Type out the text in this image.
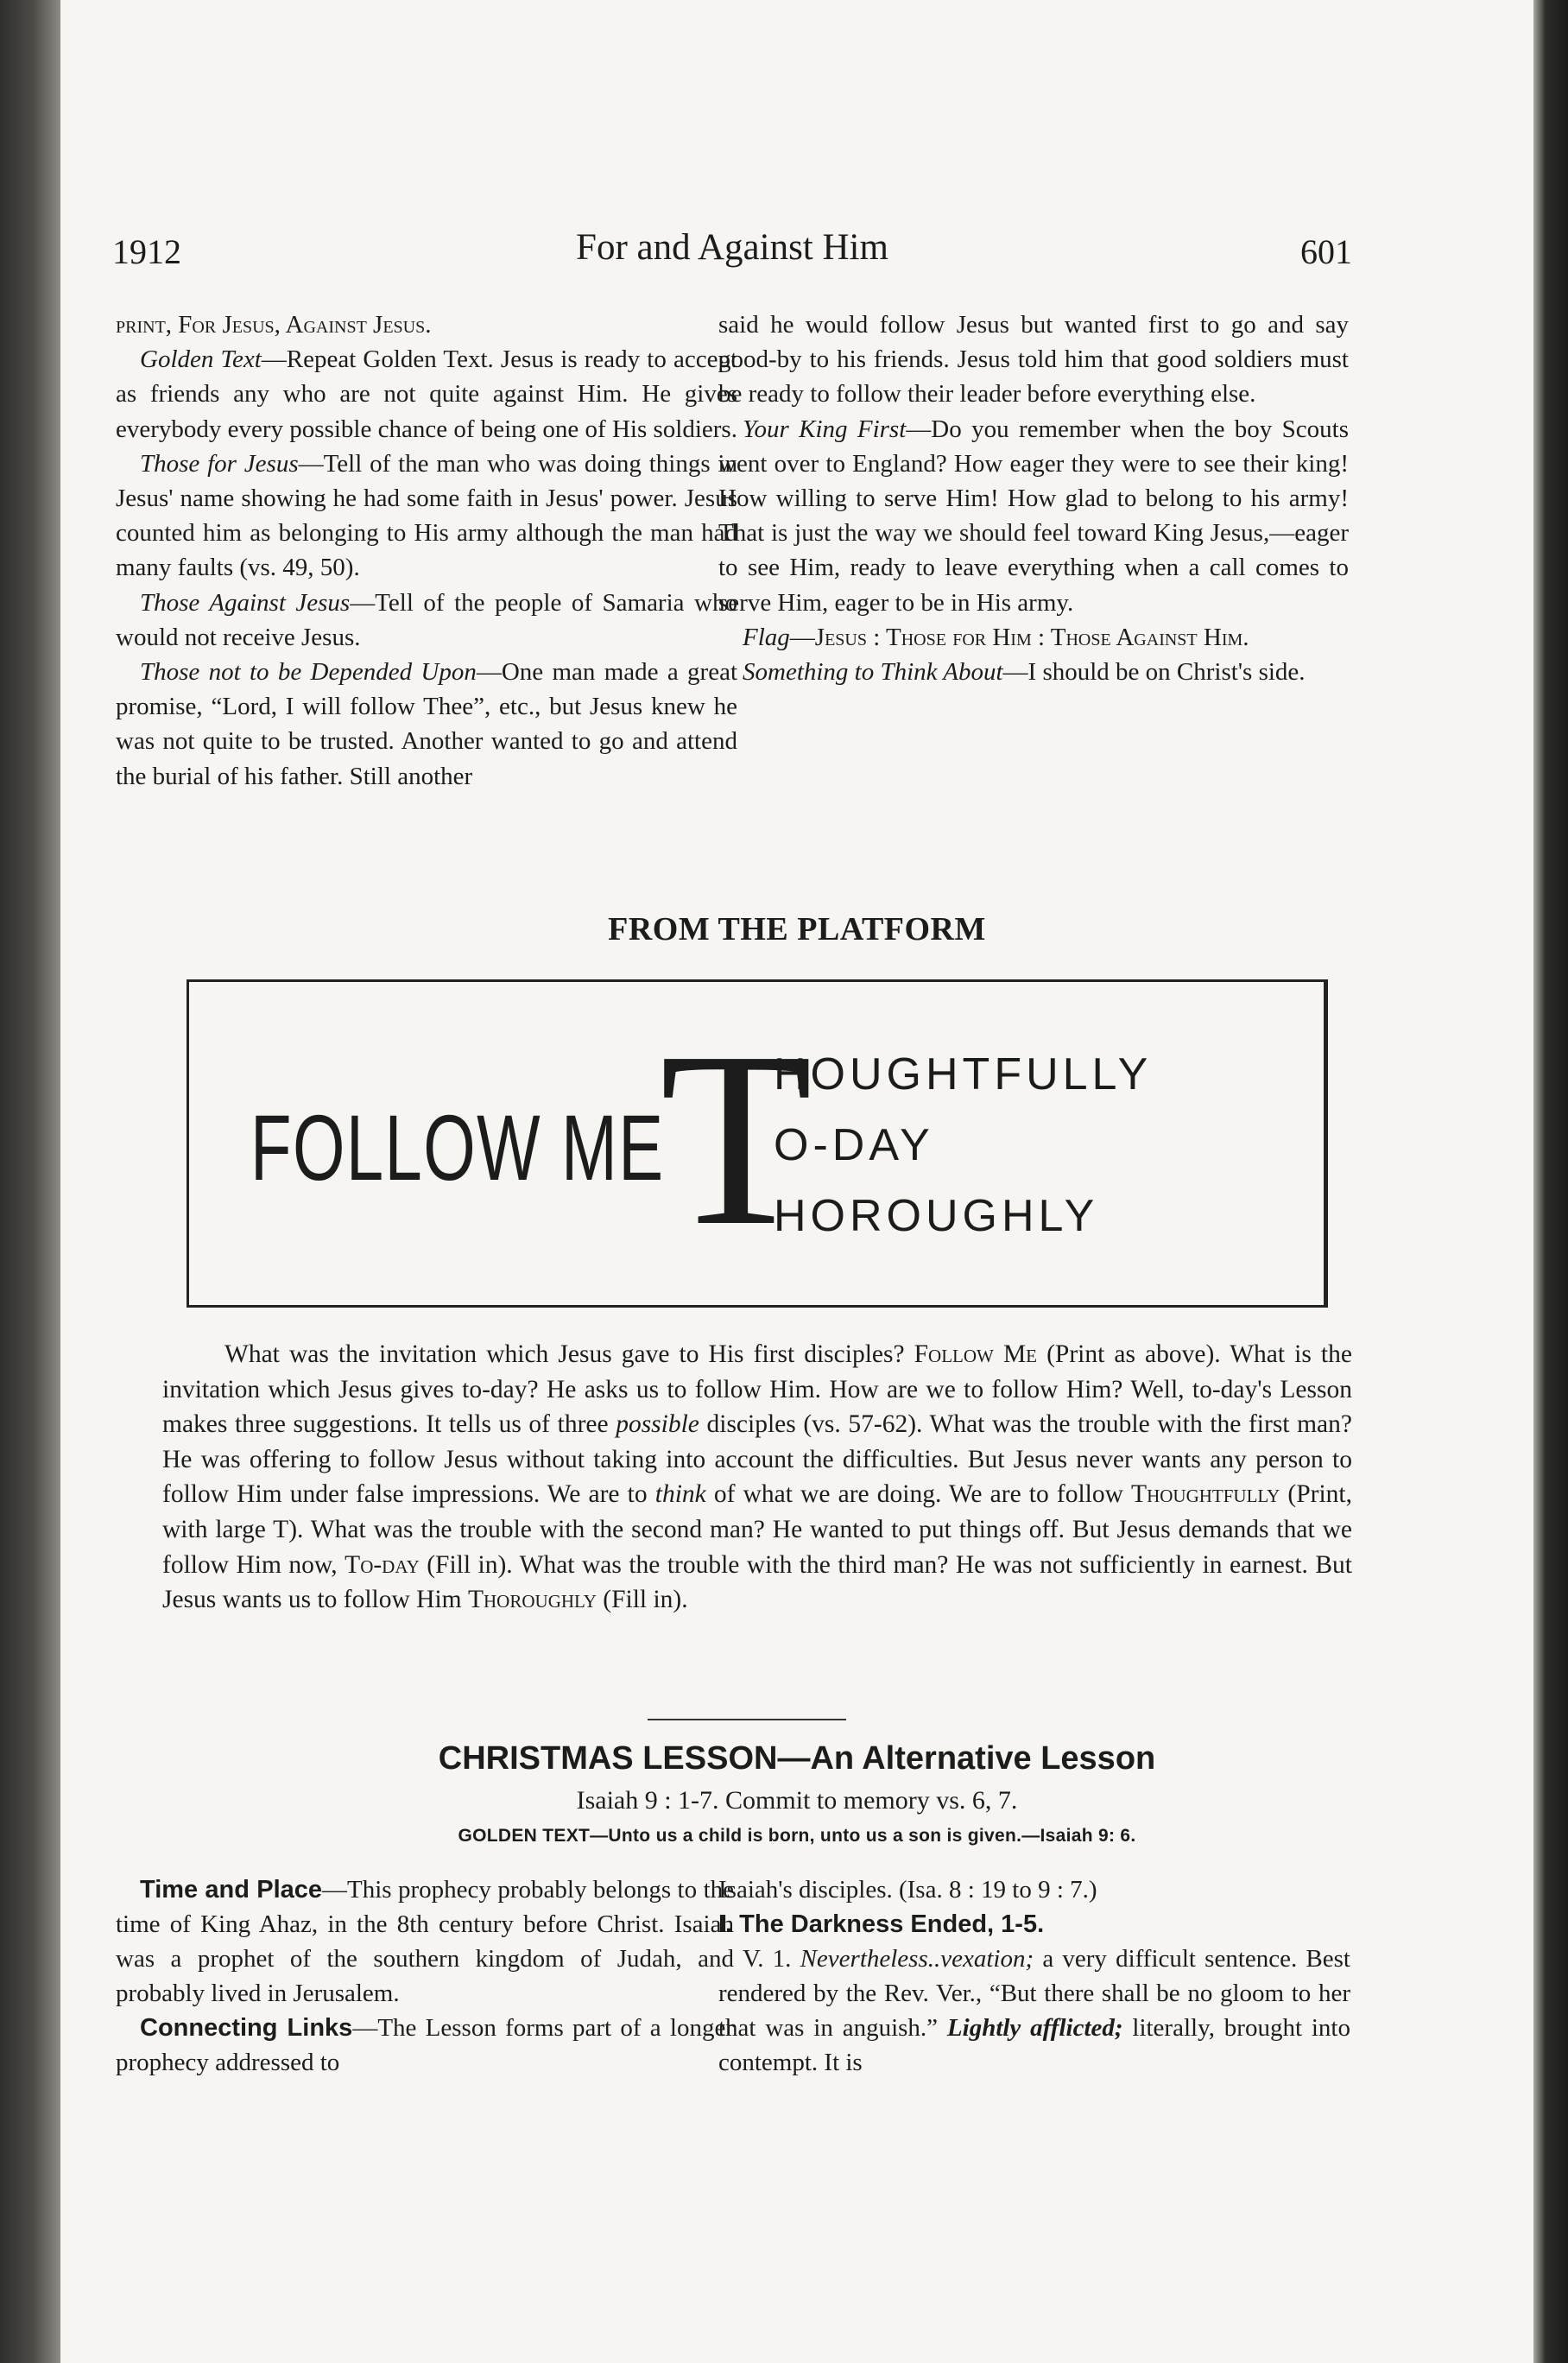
1912	For and Against Him	601

print, For Jesus, Against Jesus.

Golden Text—Repeat Golden Text. Jesus is ready to accept as friends any who are not quite against Him. He gives everybody every possible chance of being one of His soldiers.

Those for Jesus—Tell of the man who was doing things in Jesus' name showing he had some faith in Jesus' power. Jesus counted him as belonging to His army although the man had many faults (vs. 49, 50).

Those Against Jesus—Tell of the people of Samaria who would not receive Jesus.

Those not to be Depended Upon—One man made a great promise, “Lord, I will follow Thee”, etc., but Jesus knew he was not quite to be trusted. Another wanted to go and attend the burial of his father. Still another

said he would follow Jesus but wanted first to go and say good-by to his friends. Jesus told him that good soldiers must be ready to follow their leader before everything else.

Your King First—Do you remember when the boy Scouts went over to England? How eager they were to see their king! How willing to serve Him! How glad to belong to his army! That is just the way we should feel toward King Jesus,—eager to see Him, ready to leave everything when a call comes to serve Him, eager to be in His army.

Flag—Jesus : Those for Him : Those Against Him.

Something to Think About—I should be on Christ's side.

FROM THE PLATFORM
FOLLOW ME
T
HOUGHTFULLY
O-DAY
HOROUGHLY

What was the invitation which Jesus gave to His first disciples? Follow Me (Print as above). What is the invitation which Jesus gives to-day? He asks us to follow Him. How are we to follow Him? Well, to-day's Lesson makes three suggestions. It tells us of three possible disciples (vs. 57-62). What was the trouble with the first man? He was offering to follow Jesus without taking into account the difficulties. But Jesus never wants any person to follow Him under false impressions. We are to think of what we are doing. We are to follow Thoughtfully (Print, with large T). What was the trouble with the second man? He wanted to put things off. But Jesus demands that we follow Him now, To-day (Fill in). What was the trouble with the third man? He was not sufficiently in earnest. But Jesus wants us to follow Him Thoroughly (Fill in).

CHRISTMAS LESSON—An Alternative Lesson
Isaiah 9 : 1-7. Commit to memory vs. 6, 7.
GOLDEN TEXT—Unto us a child is born, unto us a son is given.—Isaiah 9: 6.

Time and Place—This prophecy probably belongs to the time of King Ahaz, in the 8th century before Christ. Isaiah was a prophet of the southern kingdom of Judah, and probably lived in Jerusalem.

Connecting Links—The Lesson forms part of a longer prophecy addressed to

Isaiah's disciples. (Isa. 8 : 19 to 9 : 7.)

I. The Darkness Ended, 1-5.

V. 1. Nevertheless..vexation; a very difficult sentence. Best rendered by the Rev. Ver., “But there shall be no gloom to her that was in anguish.” Lightly afflicted; literally, brought into contempt. It is
